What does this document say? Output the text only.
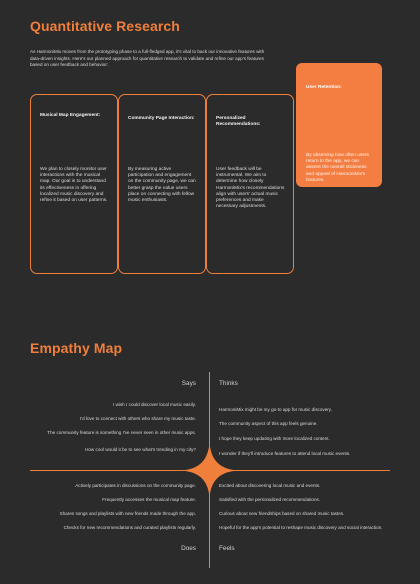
Quantitative Research

As HarmoniMix moves from the prototyping phase to a full-fledged app, it's vital to back our innovative features with data-driven insights. Here's our planned approach for quantitative research to validate and refine our app's features based on user feedback and behavior:

Musical Map Engagement:
We plan to closely monitor user interactions with the musical map. Our goal is to understand its effectiveness in offering localized music discovery and refine it based on user patterns.
Community Page Interaction:
By measuring active participation and engagement on the community page, we can better grasp the value users place on connecting with fellow music enthusiasts.
Personalized Recommendations:
User feedback will be instrumental. We aim to determine how closely HarmoniMix's recommendations align with users' actual music preferences and make necessary adjustments.
User Retention:
By observing how often users return to the app, we can assess the overall stickiness and appeal of HarmoniMix's features.
Empathy Map
Says	Thinks
Does	Feels
I wish I could discover local music easily.
I'd love to connect with others who share my music taste.
The community feature is something I've never seen in other music apps.
How cool would it be to see what's trending in my city?
HarmoniMix might be my go-to app for music discovery.
The community aspect of this app feels genuine.
I hope they keep updating with more localized content.
I wonder if they'll introduce features to attend local music events.
Actively participates in discussions on the community page.
Frequently accesses the musical map feature.
Shares songs and playlists with new friends made through the app.
Checks for new recommendations and curated playlists regularly.
Excited about discovering local music and events.
Satisfied with the personalized recommendations.
Curious about new friendships based on shared music tastes.
Hopeful for the app's potential to reshape music discovery and social interaction.
